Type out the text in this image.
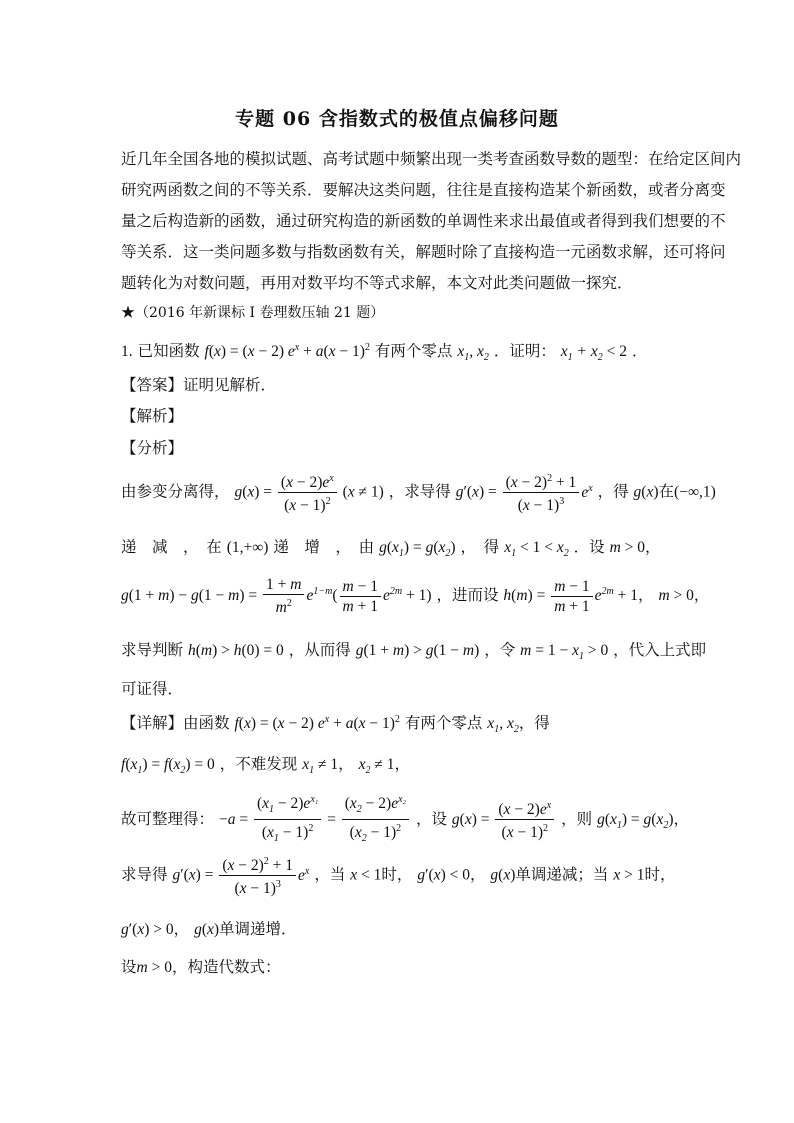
专题 06 含指数式的极值点偏移问题
近几年全国各地的模拟试题、高考试题中频繁出现一类考查函数导数的题型：在给定区间内
研究两函数之间的不等关系．要解决这类问题，往往是直接构造某个新函数，或者分离变
量之后构造新的函数，通过研究构造的新函数的单调性来求出最值或者得到我们想要的不
等关系．这一类问题多数与指数函数有关，解题时除了直接构造一元函数求解，还可将问
题转化为对数问题，再用对数平均不等式求解，本文对此类问题做一探究．
★（2016 年新课标 I 卷理数压轴 21 题）
1. 已知函数 f(x) = (x − 2) $e^x + a(x - 1)^2$ 有两个零点 $x_1$, $x_2$ ．证明： $x_1 + x_2 < 2$ ．
【答案】证明见解析．
【解析】
【分析】
由参变分离得， $g(x) = \frac{(x - 2)e^x}{(x - 1)^2} (x \ne 1)$ ，求导得 $g'(x) = \frac{(x - 2)^2 + 1}{(x - 1)^3} e^x$ ，得 g(x)在(−∞,1)
递　减　，　在 (1,+∞) 递　增　，　由 $g(x_1) = g(x_2)$ ，　得 $x_1 < 1 < x_2$ ．设 m > 0，
$g(1 + m) - g(1 - m) = \frac{1 + m}{m^2} e^{1-m}( \frac{m - 1}{m + 1} e^{2m} + 1)$ ，进而设 $h(m) = \frac{m - 1}{m + 1} e^{2m} + 1$， m > 0，
求导判断 h(m) > h(0) = 0 ，从而得 g(1 + m) > g(1 − m) ，令 $m = 1 - x_1 > 0$ ，代入上式即
可证得．
【详解】由函数 f(x) = (x − 2) $e^x + a(x - 1)^2$ 有两个零点 $x_1$, $x_2$，得
$f(x_1) = f(x_2) = 0$ ，不难发现 $x_1 \ne 1$， $x_2 \ne 1$，
故可整理得： $-a = \frac{(x_1 - 2)e^{x_1}}{(x_1 - 1)^2} = \frac{(x_2 - 2)e^{x_2}}{(x_2 - 1)^2}$ ，设 $g(x) = \frac{(x - 2)e^x}{(x - 1)^2}$ ，则 $g(x_1) = g(x_2)$，
求导得 $g'(x) = \frac{(x - 2)^2 + 1}{(x - 1)^3} e^x$ ，当 x < 1时， g′(x) < 0， g(x)单调递减；当 x > 1时，
g′(x) > 0， g(x)单调递增．
设m > 0，构造代数式：
